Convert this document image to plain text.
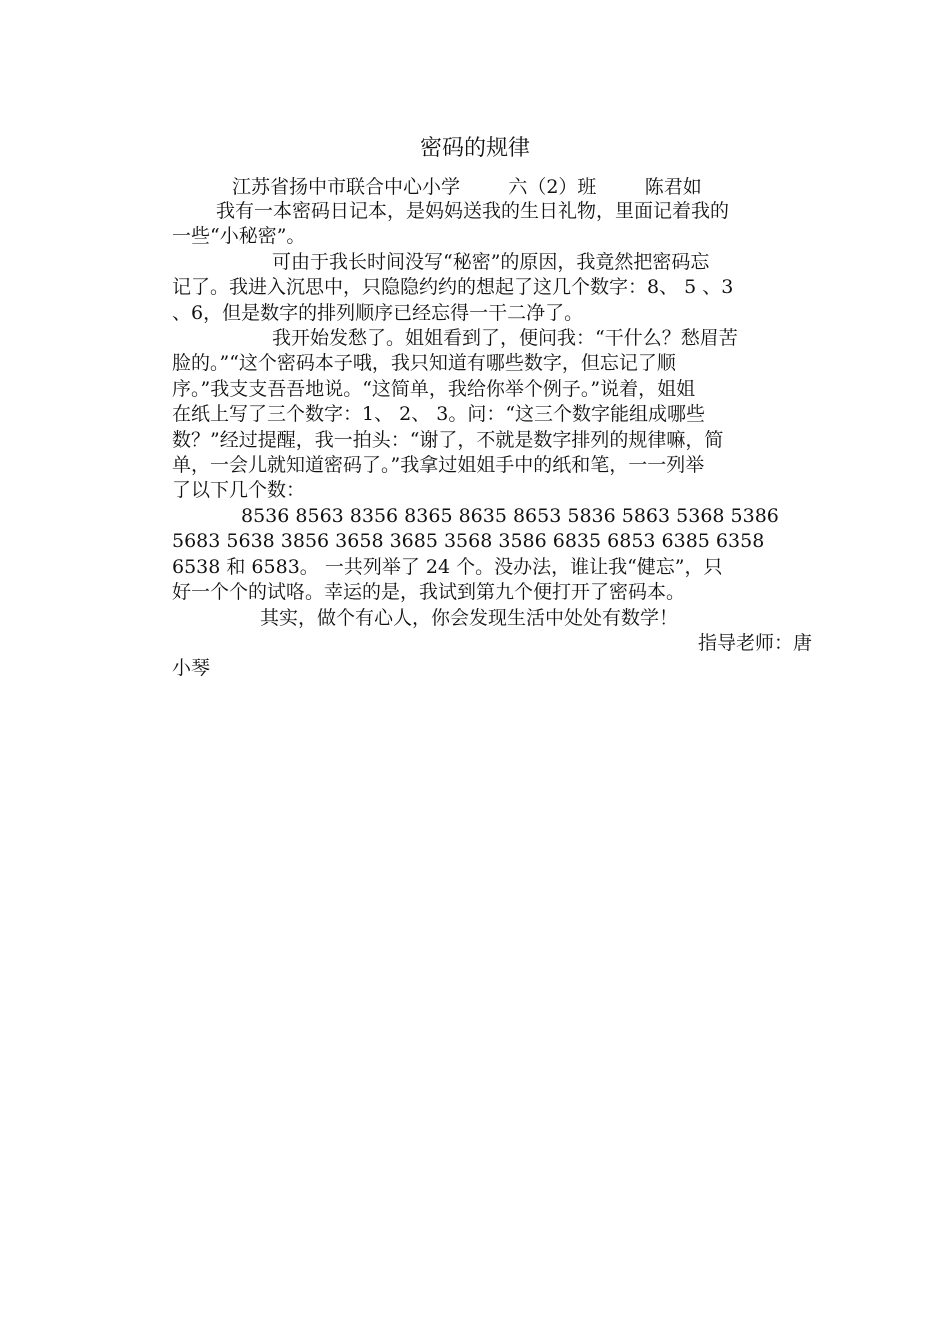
密码的规律
江苏省扬中市联合中心小学        六（2）班        陈君如
我有一本密码日记本，是妈妈送我的生日礼物，里面记着我的
一些“小秘密”。
可由于我长时间没写“秘密”的原因，我竟然把密码忘
记了。我进入沉思中，只隐隐约约的想起了这几个数字：8、 5 、3
、6，但是数字的排列顺序已经忘得一干二净了。
我开始发愁了。姐姐看到了，便问我：“干什么？愁眉苦
脸的。”“这个密码本子哦，我只知道有哪些数字，但忘记了顺
序。”我支支吾吾地说。“这简单，我给你举个例子。”说着，姐姐
在纸上写了三个数字：1、 2、 3。问：“这三个数字能组成哪些
数？”经过提醒，我一拍头：“谢了，不就是数字排列的规律嘛，简
单，一会儿就知道密码了。”我拿过姐姐手中的纸和笔，一一列举
了以下几个数：
8536 8563 8356 8365 8635 8653 5836 5863 5368 5386
5683 5638 3856 3658 3685 3568 3586 6835 6853 6385 6358
6538 和 6583。 一共列举了 24 个。没办法，谁让我“健忘”，只
好一个个的试咯。幸运的是，我试到第九个便打开了密码本。
其实，做个有心人，你会发现生活中处处有数学！
指导老师：唐
小琴
